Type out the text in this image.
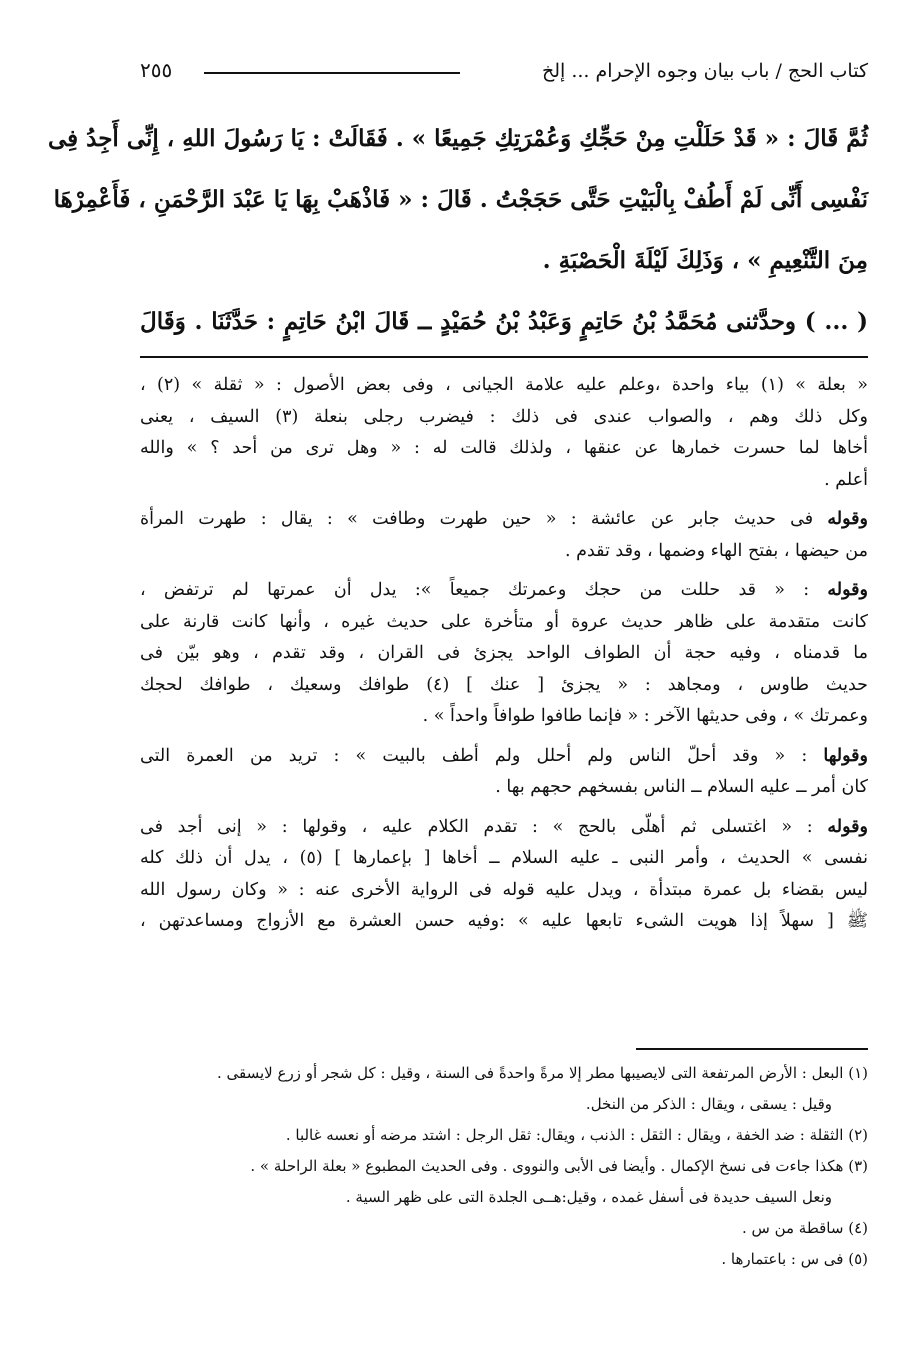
كتاب الحج / باب بيان وجوه الإحرام ... إلخ
٢٥٥

ثُمَّ قَالَ : « قَدْ حَلَلْتِ مِنْ حَجِّكِ وَعُمْرَتِكِ جَمِيعًا » . فَقَالَتْ : يَا رَسُولَ اللهِ ، إِنِّى أَجِدُ فِى

نَفْسِى أَنِّى لَمْ أَطُفْ بِالْبَيْتِ حَتَّى حَجَجْتُ . قَالَ : « فَاذْهَبْ بِهَا يَا عَبْدَ الرَّحْمَنِ ، فَأَعْمِرْهَا

مِنَ التَّنْعِيمِ » ، وَذَلِكَ لَيْلَةَ الْحَصْبَةِ .

( ... ) وحدَّثنى مُحَمَّدُ بْنُ حَاتِمٍ وَعَبْدُ بْنُ حُمَيْدٍ ــ قَالَ ابْنُ حَاتِمٍ : حَدَّثَنَا . وَقَالَ

« بعلة » (١) بياء واحدة ،وعلم عليه علامة الجيانى ، وفى بعض الأصول : « ثقلة » (٢) ،

وكل ذلك وهم ، والصواب عندى فى ذلك : فيضرب رجلى بنعلة (٣) السيف ، يعنى

أخاها لما حسرت خمارها عن عنقها ، ولذلك قالت له : « وهل ترى من أحد ؟ » والله

أعلم .

وقوله فى حديث جابر عن عائشة : « حين طهرت وطافت » : يقال : طهرت المرأة

من حيضها ، بفتح الهاء وضمها ، وقد تقدم .

وقوله : « قد حللت من حجك وعمرتك جميعاً »: يدل أن عمرتها لم ترتفض ،

كانت متقدمة على ظاهر حديث عروة أو متأخرة على حديث غيره ، وأنها كانت قارنة على

ما قدمناه ، وفيه حجة أن الطواف الواحد يجزئ فى القران ، وقد تقدم ، وهو بيّن فى

حديث طاوس ، ومجاهد : « يجزئ [ عنك ] (٤) طوافك وسعيك ، طوافك لحجك

وعمرتك » ، وفى حديثها الآخر : « فإنما طافوا طوافاً واحداً » .

وقولها : « وقد أحلّ الناس ولم أحلل ولم أطف بالبيت » : تريد من العمرة التى

كان أمر ــ عليه السلام ــ الناس بفسخهم حجهم بها .

وقوله : « اغتسلى ثم أهلّى بالحج » : تقدم الكلام عليه ، وقولها : « إنى أجد فى

نفسى » الحديث ، وأمر النبى ـ عليه السلام ــ أخاها [ بإعمارها ] (٥) ، يدل أن ذلك كله

ليس بقضاء بل عمرة مبتدأة ، ويدل عليه قوله فى الرواية الأخرى عنه : « وكان رسول الله

ﷺ [ سهلاً إذا هويت الشىء تابعها عليه » :وفيه حسن العشرة مع الأزواج ومساعدتهن ،

(١) البعل : الأرض المرتفعة التى لايصيبها مطر إلا مرةً واحدةً فى السنة ، وقيل : كل شجر أو زرع لايسقى .

وقيل : يسقى ، ويقال : الذكر من النخل.

(٢) الثقلة : ضد الخفة ، ويقال : الثقل : الذنب ، ويقال: ثقل الرجل : اشتد مرضه أو نعسه غالبا .

(٣) هكذا جاءت فى نسخ الإكمال . وأيضا فى الأبى والنووى . وفى الحديث المطبوع « بعلة الراحلة » .

ونعل السيف حديدة فى أسفل غمده ، وقيل:هــى الجلدة التى على ظهر السية .

(٤) ساقطة من س .

(٥) فى س : باعتمارها .
